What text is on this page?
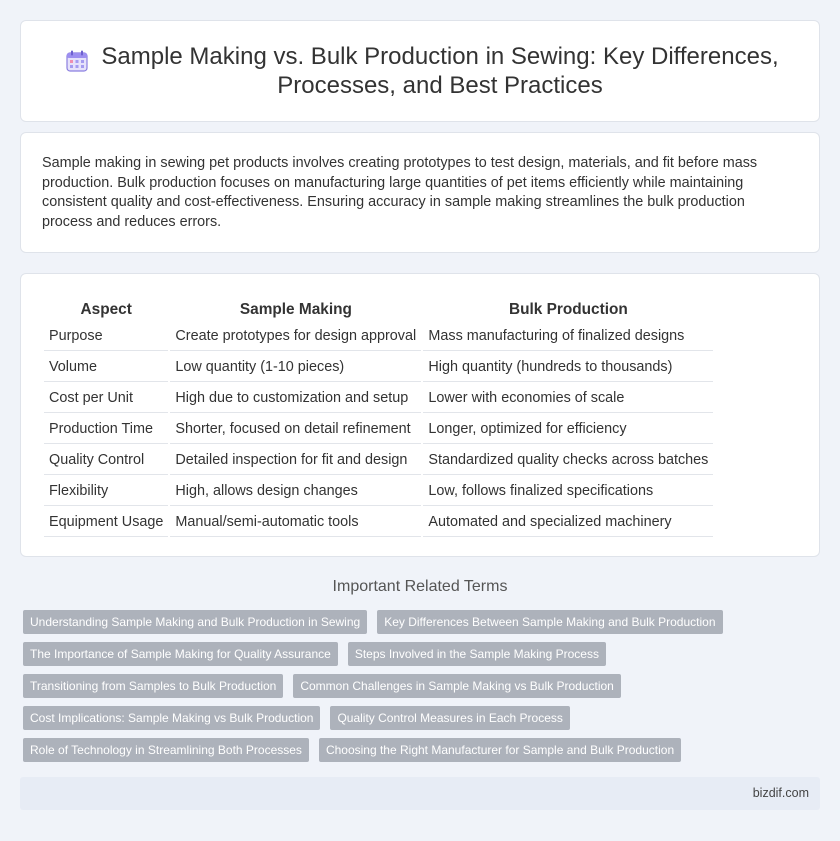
Sample Making vs. Bulk Production in Sewing: Key Differences, Processes, and Best Practices

Sample making in sewing pet products involves creating prototypes to test design, materials, and fit before mass production. Bulk production focuses on manufacturing large quantities of pet items efficiently while maintaining consistent quality and cost-effectiveness. Ensuring accuracy in sample making streamlines the bulk production process and reduces errors.

Aspect	Sample Making	Bulk Production
Purpose	Create prototypes for design approval	Mass manufacturing of finalized designs
Volume	Low quantity (1-10 pieces)	High quantity (hundreds to thousands)
Cost per Unit	High due to customization and setup	Lower with economies of scale
Production Time	Shorter, focused on detail refinement	Longer, optimized for efficiency
Quality Control	Detailed inspection for fit and design	Standardized quality checks across batches
Flexibility	High, allows design changes	Low, follows finalized specifications
Equipment Usage	Manual/semi-automatic tools	Automated and specialized machinery
Important Related Terms
Understanding Sample Making and Bulk Production in Sewing	Key Differences Between Sample Making and Bulk Production
The Importance of Sample Making for Quality Assurance	Steps Involved in the Sample Making Process
Transitioning from Samples to Bulk Production	Common Challenges in Sample Making vs Bulk Production
Cost Implications: Sample Making vs Bulk Production	Quality Control Measures in Each Process
Role of Technology in Streamlining Both Processes	Choosing the Right Manufacturer for Sample and Bulk Production
bizdif.com
